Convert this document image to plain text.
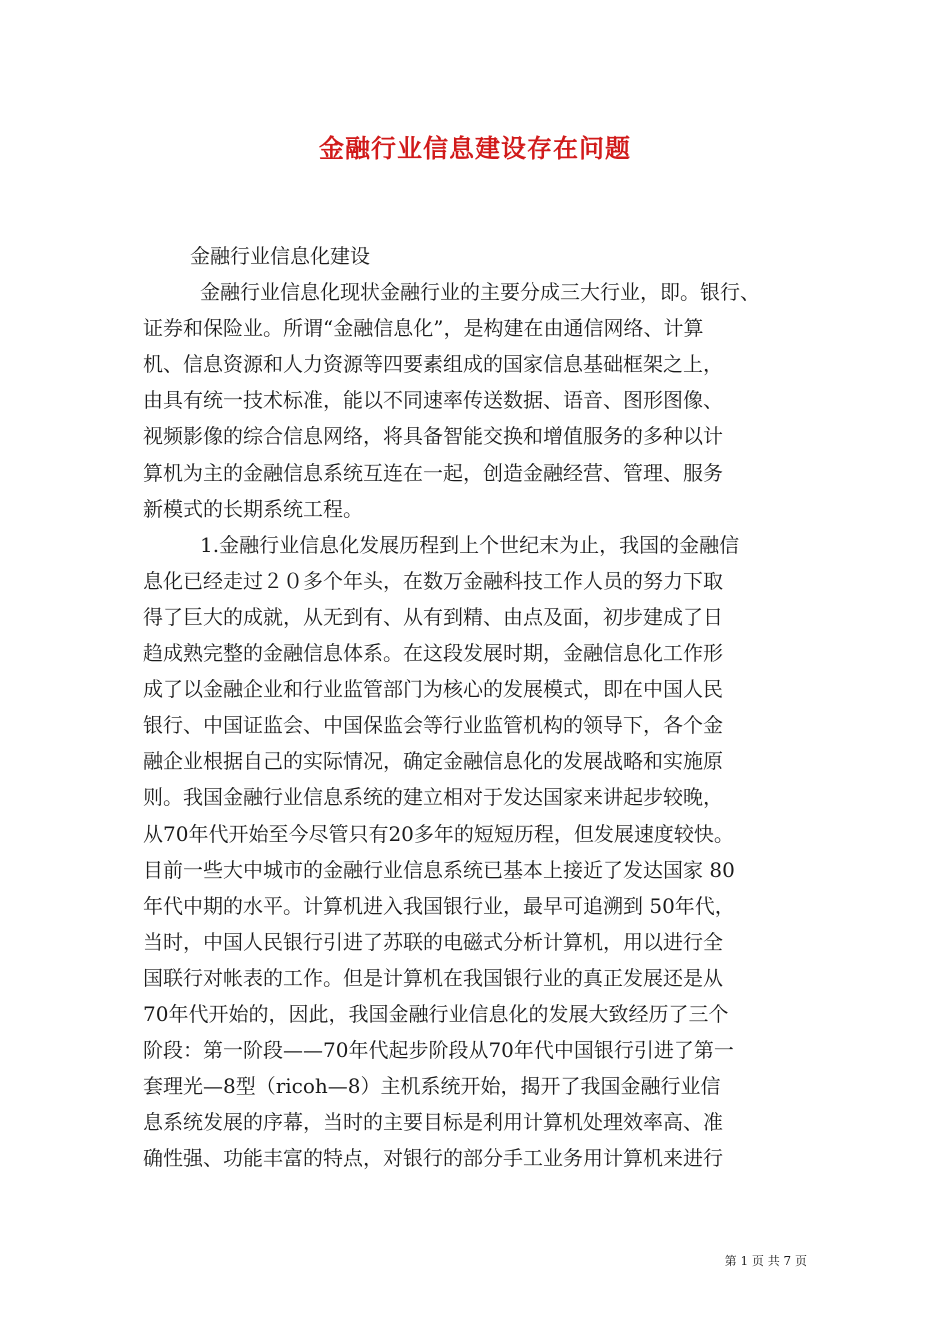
金融行业信息建设存在问题
金融行业信息化建设
金融行业信息化现状金融行业的主要分成三大行业，即。银行、
证券和保险业。所谓“金融信息化”，是构建在由通信网络、计算
机、信息资源和人力资源等四要素组成的国家信息基础框架之上，
由具有统一技术标准，能以不同速率传送数据、语音、图形图像、
视频影像的综合信息网络，将具备智能交换和增值服务的多种以计
算机为主的金融信息系统互连在一起，创造金融经营、管理、服务
新模式的长期系统工程。
1.金融行业信息化发展历程到上个世纪末为止，我国的金融信
息化已经走过２０多个年头，在数万金融科技工作人员的努力下取
得了巨大的成就，从无到有、从有到精、由点及面，初步建成了日
趋成熟完整的金融信息体系。在这段发展时期，金融信息化工作形
成了以金融企业和行业监管部门为核心的发展模式，即在中国人民
银行、中国证监会、中国保监会等行业监管机构的领导下，各个金
融企业根据自己的实际情况，确定金融信息化的发展战略和实施原
则。我国金融行业信息系统的建立相对于发达国家来讲起步较晚，
从70年代开始至今尽管只有20多年的短短历程，但发展速度较快。
目前一些大中城市的金融行业信息系统已基本上接近了发达国家 80
年代中期的水平。计算机进入我国银行业，最早可追溯到 50年代，
当时，中国人民银行引进了苏联的电磁式分析计算机，用以进行全
国联行对帐表的工作。但是计算机在我国银行业的真正发展还是从
70年代开始的，因此，我国金融行业信息化的发展大致经历了三个
阶段：第一阶段——70年代起步阶段从70年代中国银行引进了第一
套理光—8型（ricoh—8）主机系统开始，揭开了我国金融行业信
息系统发展的序幕，当时的主要目标是利用计算机处理效率高、准
确性强、功能丰富的特点，对银行的部分手工业务用计算机来进行
第 1 页 共 7 页
